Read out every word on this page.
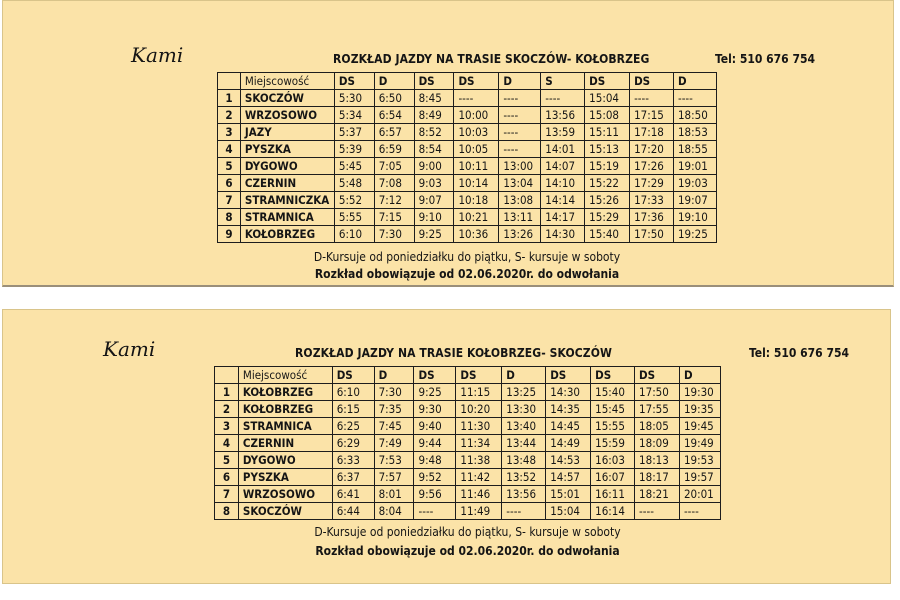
Kami	ROZKŁAD JAZDY NA TRASIE SKOCZÓW- KOŁOBRZEG	Tel: 510 676 754
	Miejscowość	DS	D	DS	DS	D	S	DS	DS	D
1	SKOCZÓW	5:30	6:50	8:45	----	----	----	15:04	----	----
2	WRZOSOWO	5:34	6:54	8:49	10:00	----	13:56	15:08	17:15	18:50
3	JAZY	5:37	6:57	8:52	10:03	----	13:59	15:11	17:18	18:53
4	PYSZKA	5:39	6:59	8:54	10:05	----	14:01	15:13	17:20	18:55
5	DYGOWO	5:45	7:05	9:00	10:11	13:00	14:07	15:19	17:26	19:01
6	CZERNIN	5:48	7:08	9:03	10:14	13:04	14:10	15:22	17:29	19:03
7	STRAMNICZKA	5:52	7:12	9:07	10:18	13:08	14:14	15:26	17:33	19:07
8	STRAMNICA	5:55	7:15	9:10	10:21	13:11	14:17	15:29	17:36	19:10
9	KOŁOBRZEG	6:10	7:30	9:25	10:36	13:26	14:30	15:40	17:50	19:25
D-Kursuje od poniedziałku do piątku, S- kursuje w soboty
Rozkład obowiązuje od 02.06.2020r. do odwołania
Kami	ROZKŁAD JAZDY NA TRASIE KOŁOBRZEG- SKOCZÓW	Tel: 510 676 754
	Miejscowość	DS	D	DS	DS	D	DS	DS	DS	D
1	KOŁOBRZEG	6:10	7:30	9:25	11:15	13:25	14:30	15:40	17:50	19:30
2	KOŁOBRZEG	6:15	7:35	9:30	10:20	13:30	14:35	15:45	17:55	19:35
3	STRAMNICA	6:25	7:45	9:40	11:30	13:40	14:45	15:55	18:05	19:45
4	CZERNIN	6:29	7:49	9:44	11:34	13:44	14:49	15:59	18:09	19:49
5	DYGOWO	6:33	7:53	9:48	11:38	13:48	14:53	16:03	18:13	19:53
6	PYSZKA	6:37	7:57	9:52	11:42	13:52	14:57	16:07	18:17	19:57
7	WRZOSOWO	6:41	8:01	9:56	11:46	13:56	15:01	16:11	18:21	20:01
8	SKOCZÓW	6:44	8:04	----	11:49	----	15:04	16:14	----	----
D-Kursuje od poniedziałku do piątku, S- kursuje w soboty
Rozkład obowiązuje od 02.06.2020r. do odwołania
